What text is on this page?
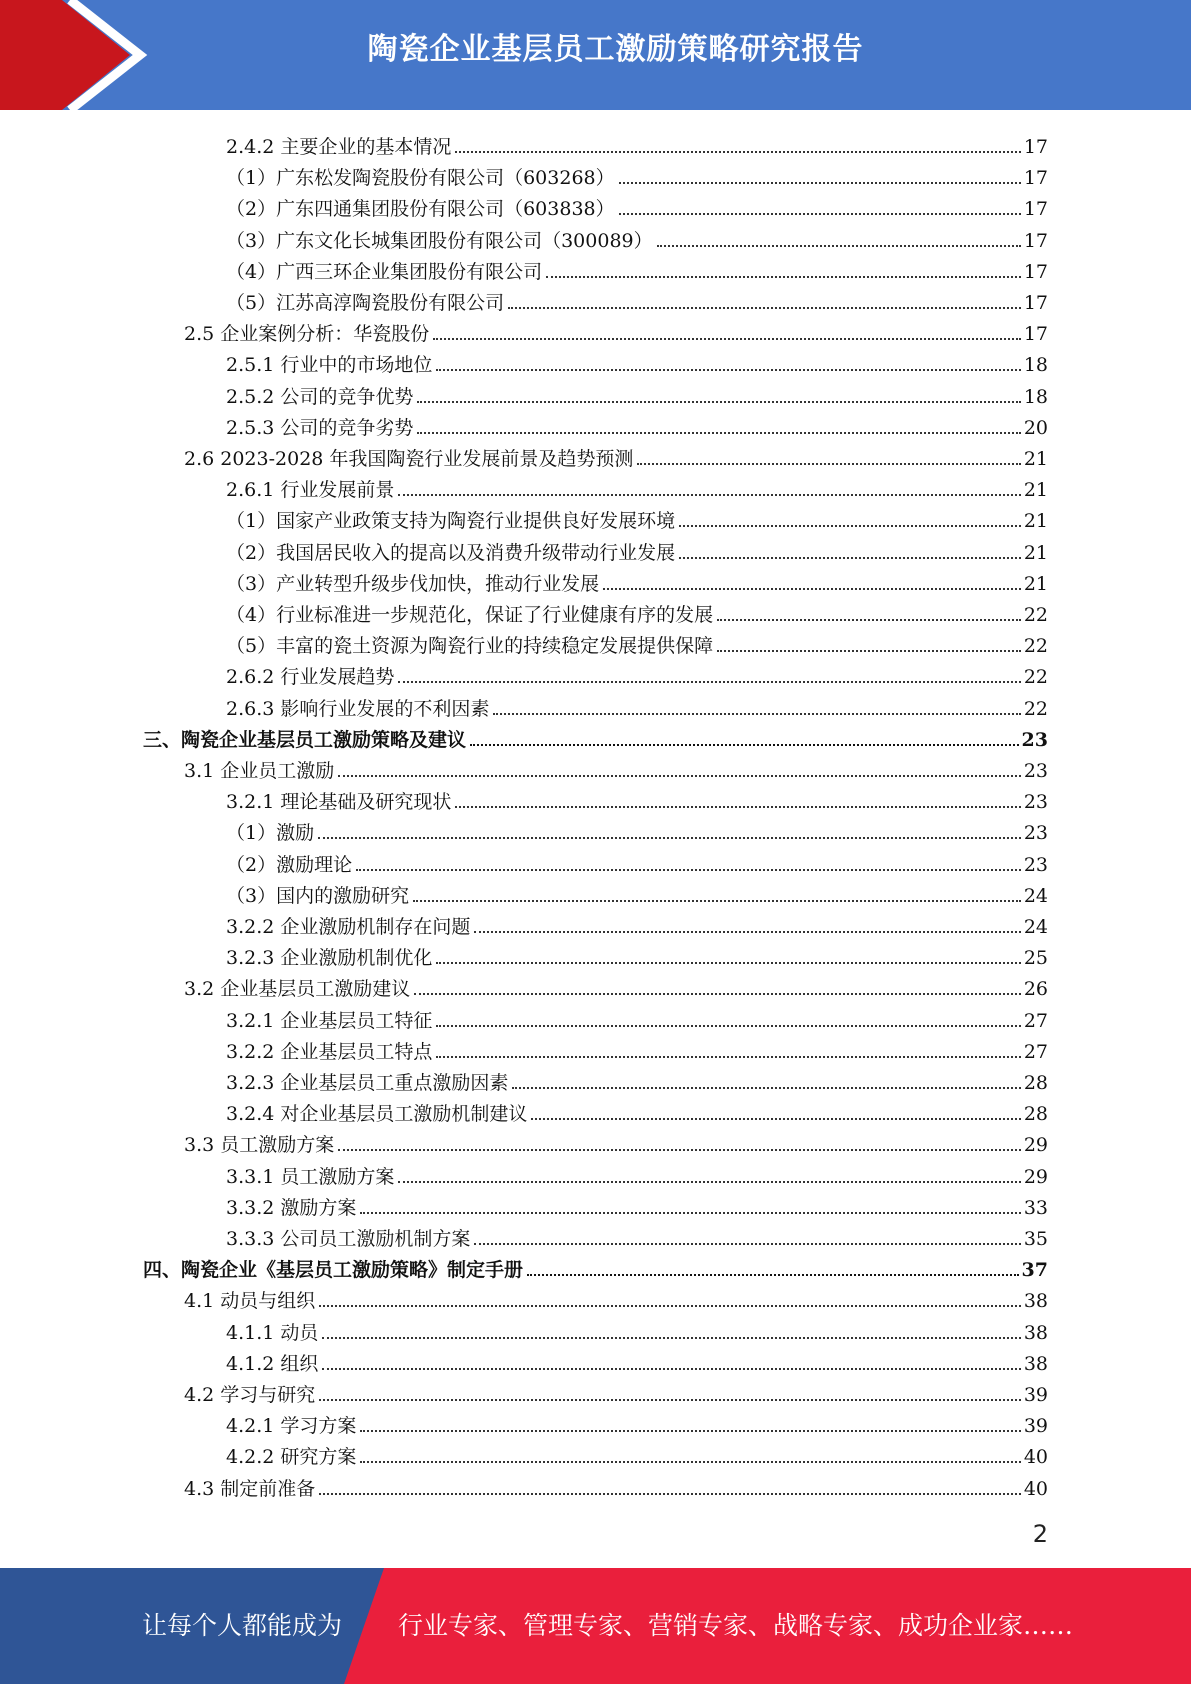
陶瓷企业基层员工激励策略研究报告
2.4.2 主要企业的基本情况	17
（1）广东松发陶瓷股份有限公司（603268）	17
（2）广东四通集团股份有限公司（603838）	17
（3）广东文化长城集团股份有限公司（300089）	17
（4）广西三环企业集团股份有限公司	17
（5）江苏高淳陶瓷股份有限公司	17
2.5 企业案例分析：华瓷股份	17
2.5.1 行业中的市场地位	18
2.5.2 公司的竞争优势	18
2.5.3 公司的竞争劣势	20
2.6 2023-2028 年我国陶瓷行业发展前景及趋势预测	21
2.6.1 行业发展前景	21
（1）国家产业政策支持为陶瓷行业提供良好发展环境	21
（2）我国居民收入的提高以及消费升级带动行业发展	21
（3）产业转型升级步伐加快，推动行业发展	21
（4）行业标准进一步规范化，保证了行业健康有序的发展	22
（5）丰富的瓷土资源为陶瓷行业的持续稳定发展提供保障	22
2.6.2 行业发展趋势	22
2.6.3 影响行业发展的不利因素	22
三、陶瓷企业基层员工激励策略及建议	23
3.1 企业员工激励	23
3.2.1 理论基础及研究现状	23
（1）激励	23
（2）激励理论	23
（3）国内的激励研究	24
3.2.2 企业激励机制存在问题	24
3.2.3 企业激励机制优化	25
3.2 企业基层员工激励建议	26
3.2.1 企业基层员工特征	27
3.2.2 企业基层员工特点	27
3.2.3 企业基层员工重点激励因素	28
3.2.4 对企业基层员工激励机制建议	28
3.3 员工激励方案	29
3.3.1 员工激励方案	29
3.3.2 激励方案	33
3.3.3 公司员工激励机制方案	35
四、陶瓷企业《基层员工激励策略》制定手册	37
4.1 动员与组织	38
4.1.1 动员	38
4.1.2 组织	38
4.2 学习与研究	39
4.2.1 学习方案	39
4.2.2 研究方案	40
4.3 制定前准备	40
2
让每个人都能成为 行业专家、管理专家、营销专家、战略专家、成功企业家……
